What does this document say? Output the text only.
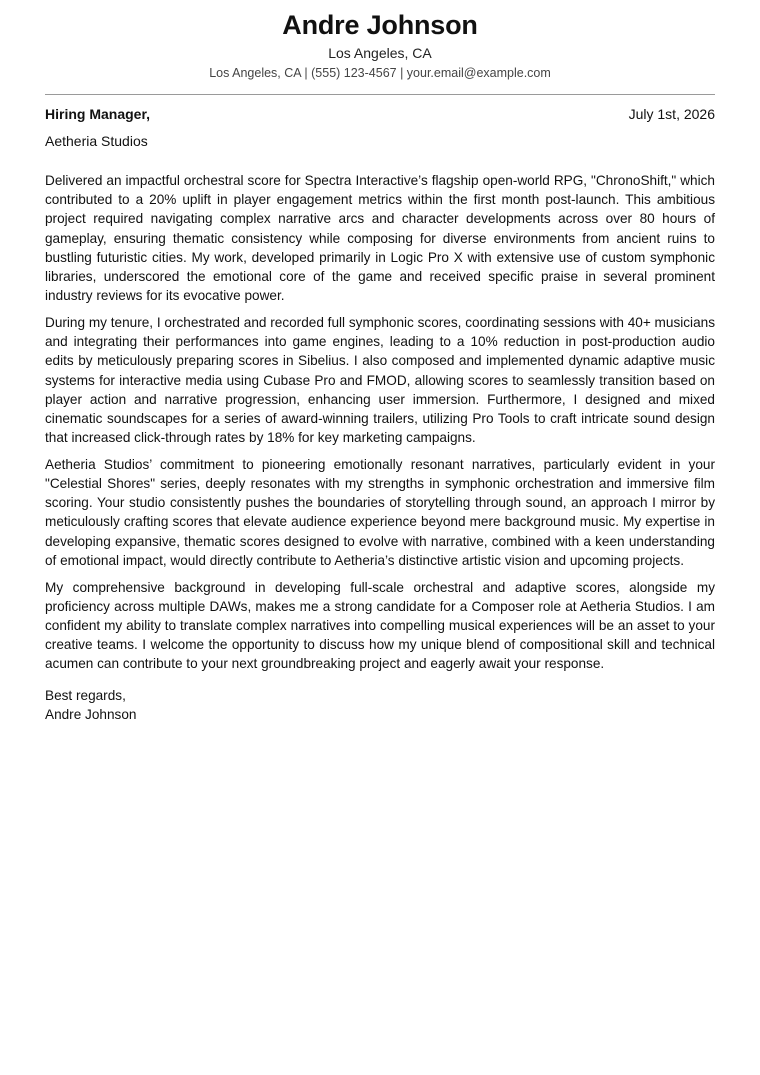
Andre Johnson
Los Angeles, CA
Los Angeles, CA | (555) 123-4567 | your.email@example.com
Hiring Manager,	July 1st, 2026
Aetheria Studios

Delivered an impactful orchestral score for Spectra Interactive’s flagship open-world RPG, "ChronoShift," which contributed to a 20% uplift in player engagement metrics within the first month post-launch. This ambitious project required navigating complex narrative arcs and character developments across over 80 hours of gameplay, ensuring thematic consistency while composing for diverse environments from ancient ruins to bustling futuristic cities. My work, developed primarily in Logic Pro X with extensive use of custom symphonic libraries, underscored the emotional core of the game and received specific praise in several prominent industry reviews for its evocative power.

During my tenure, I orchestrated and recorded full symphonic scores, coordinating sessions with 40+ musicians and integrating their performances into game engines, leading to a 10% reduction in post-production audio edits by meticulously preparing scores in Sibelius. I also composed and implemented dynamic adaptive music systems for interactive media using Cubase Pro and FMOD, allowing scores to seamlessly transition based on player action and narrative progression, enhancing user immersion. Furthermore, I designed and mixed cinematic soundscapes for a series of award-winning trailers, utilizing Pro Tools to craft intricate sound design that increased click-through rates by 18% for key marketing campaigns.

Aetheria Studios’ commitment to pioneering emotionally resonant narratives, particularly evident in your "Celestial Shores" series, deeply resonates with my strengths in symphonic orchestration and immersive film scoring. Your studio consistently pushes the boundaries of storytelling through sound, an approach I mirror by meticulously crafting scores that elevate audience experience beyond mere background music. My expertise in developing expansive, thematic scores designed to evolve with narrative, combined with a keen understanding of emotional impact, would directly contribute to Aetheria’s distinctive artistic vision and upcoming projects.

My comprehensive background in developing full-scale orchestral and adaptive scores, alongside my proficiency across multiple DAWs, makes me a strong candidate for a Composer role at Aetheria Studios. I am confident my ability to translate complex narratives into compelling musical experiences will be an asset to your creative teams. I welcome the opportunity to discuss how my unique blend of compositional skill and technical acumen can contribute to your next groundbreaking project and eagerly await your response.

Best regards,
Andre Johnson
